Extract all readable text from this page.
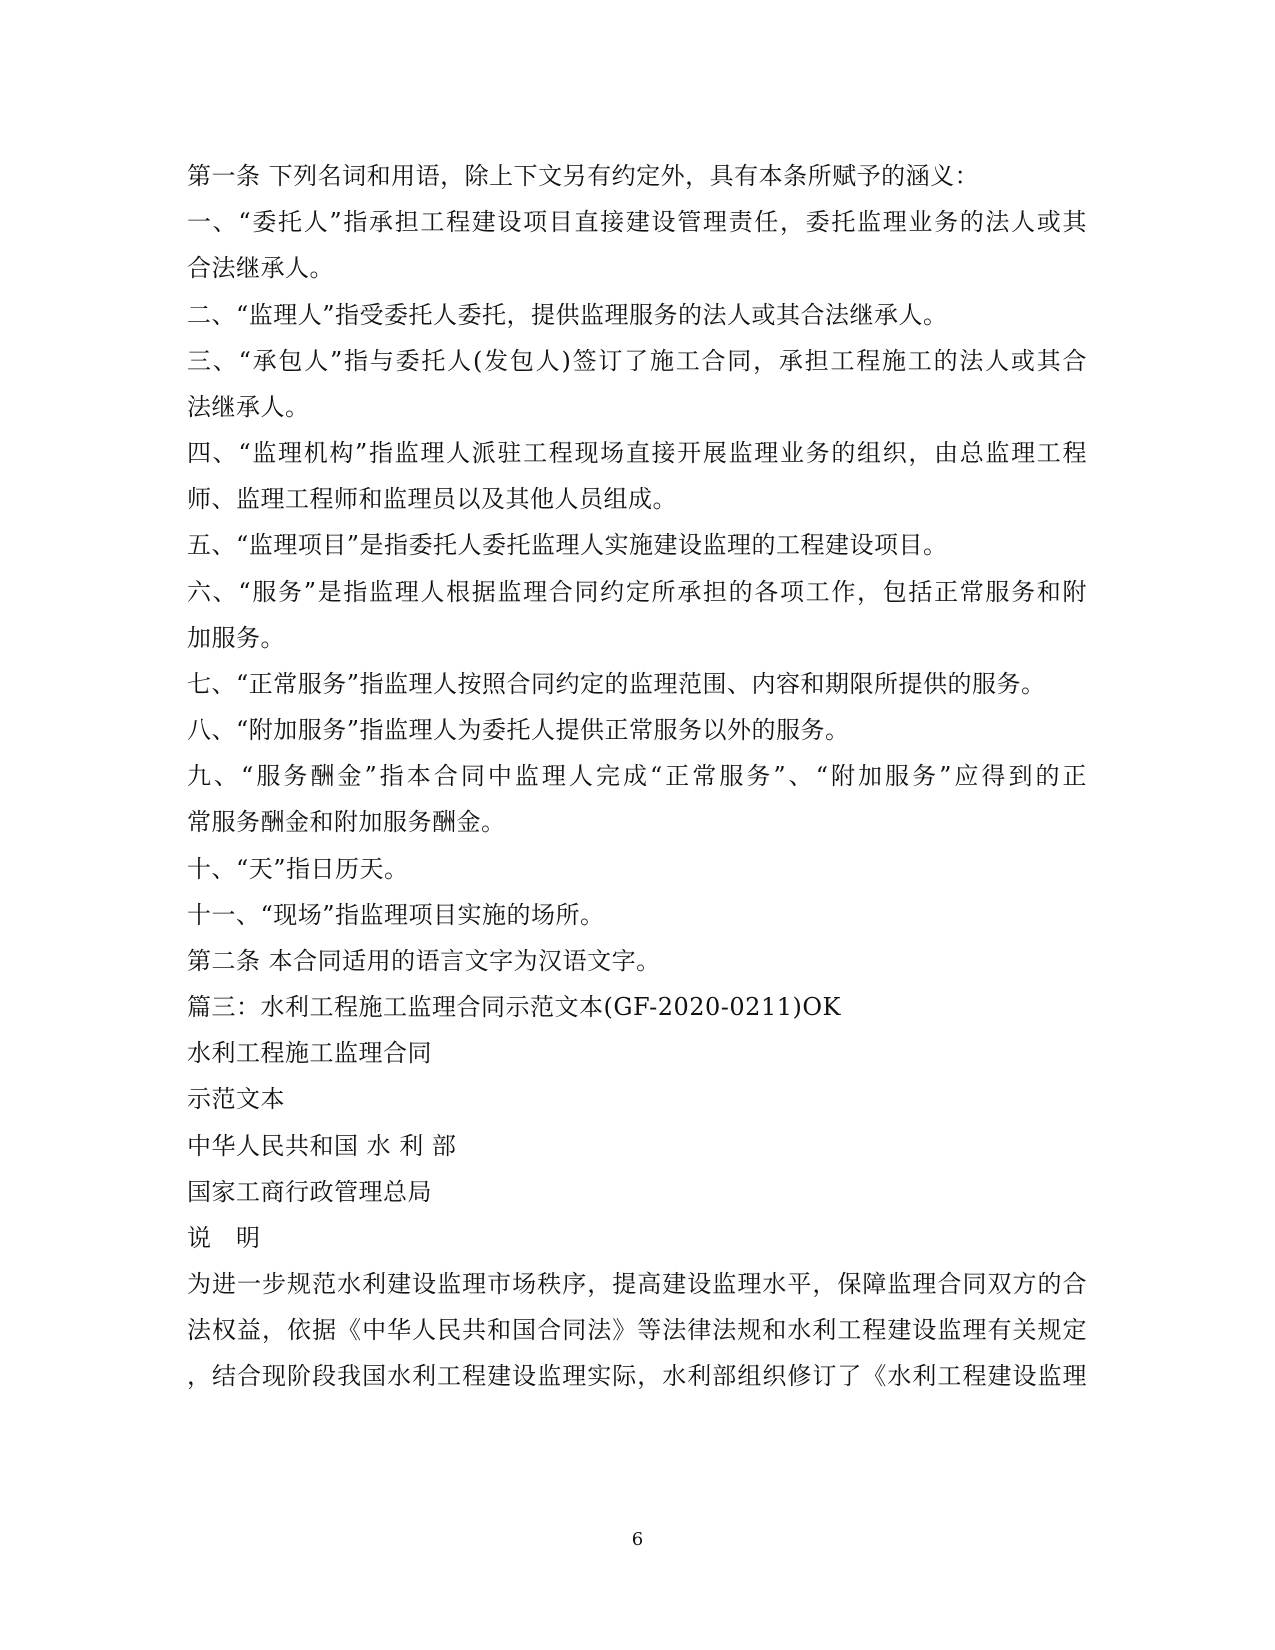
第一条 下列名词和用语，除上下文另有约定外，具有本条所赋予的涵义：
一、“委托人”指承担工程建设项目直接建设管理责任，委托监理业务的法人或其
合法继承人。
二、“监理人”指受委托人委托，提供监理服务的法人或其合法继承人。
三、“承包人”指与委托人(发包人)签订了施工合同，承担工程施工的法人或其合
法继承人。
四、“监理机构”指监理人派驻工程现场直接开展监理业务的组织，由总监理工程
师、监理工程师和监理员以及其他人员组成。
五、“监理项目”是指委托人委托监理人实施建设监理的工程建设项目。
六、“服务”是指监理人根据监理合同约定所承担的各项工作，包括正常服务和附
加服务。
七、“正常服务”指监理人按照合同约定的监理范围、内容和期限所提供的服务。
八、“附加服务”指监理人为委托人提供正常服务以外的服务。
九、“服务酬金”指本合同中监理人完成“正常服务”、“附加服务”应得到的正
常服务酬金和附加服务酬金。
十、“天”指日历天。
十一、“现场”指监理项目实施的场所。
第二条 本合同适用的语言文字为汉语文字。
篇三：水利工程施工监理合同示范文本(GF-2020-0211)OK
水利工程施工监理合同
示范文本
中华人民共和国 水 利 部
国家工商行政管理总局
说　明
为进一步规范水利建设监理市场秩序，提高建设监理水平，保障监理合同双方的合
法权益，依据《中华人民共和国合同法》等法律法规和水利工程建设监理有关规定
，结合现阶段我国水利工程建设监理实际，水利部组织修订了《水利工程建设监理
6
